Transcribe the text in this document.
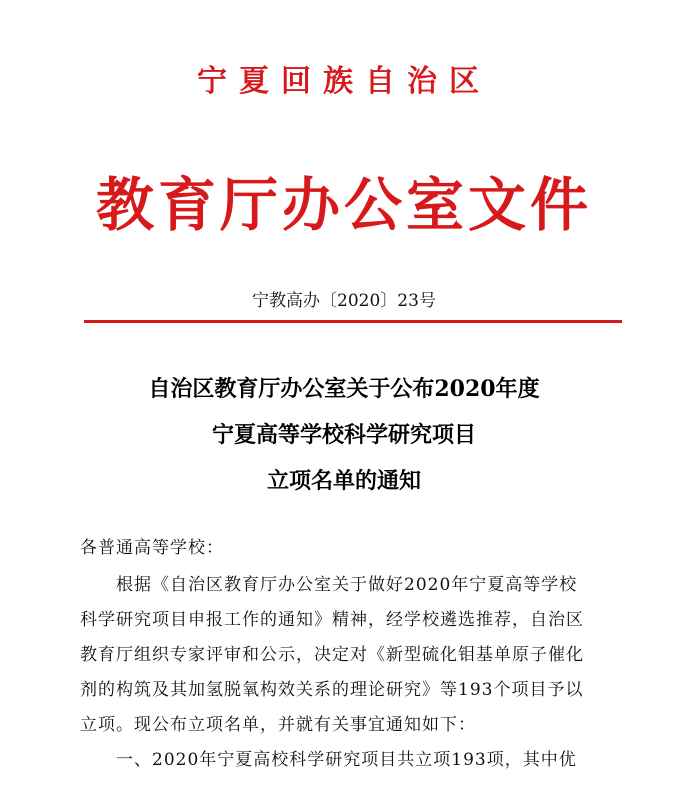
宁夏回族自治区
教育厅办公室文件
宁教高办〔2020〕23号
自治区教育厅办公室关于公布2020年度
宁夏高等学校科学研究项目
立项名单的通知
各普通高等学校：
根据《自治区教育厅办公室关于做好2020年宁夏高等学校
科学研究项目申报工作的通知》精神，经学校遴选推荐，自治区
教育厅组织专家评审和公示，决定对《新型硫化钼基单原子催化
剂的构筑及其加氢脱氧构效关系的理论研究》等193个项目予以
立项。现公布立项名单，并就有关事宜通知如下：
一、2020年宁夏高校科学研究项目共立项193项，其中优
